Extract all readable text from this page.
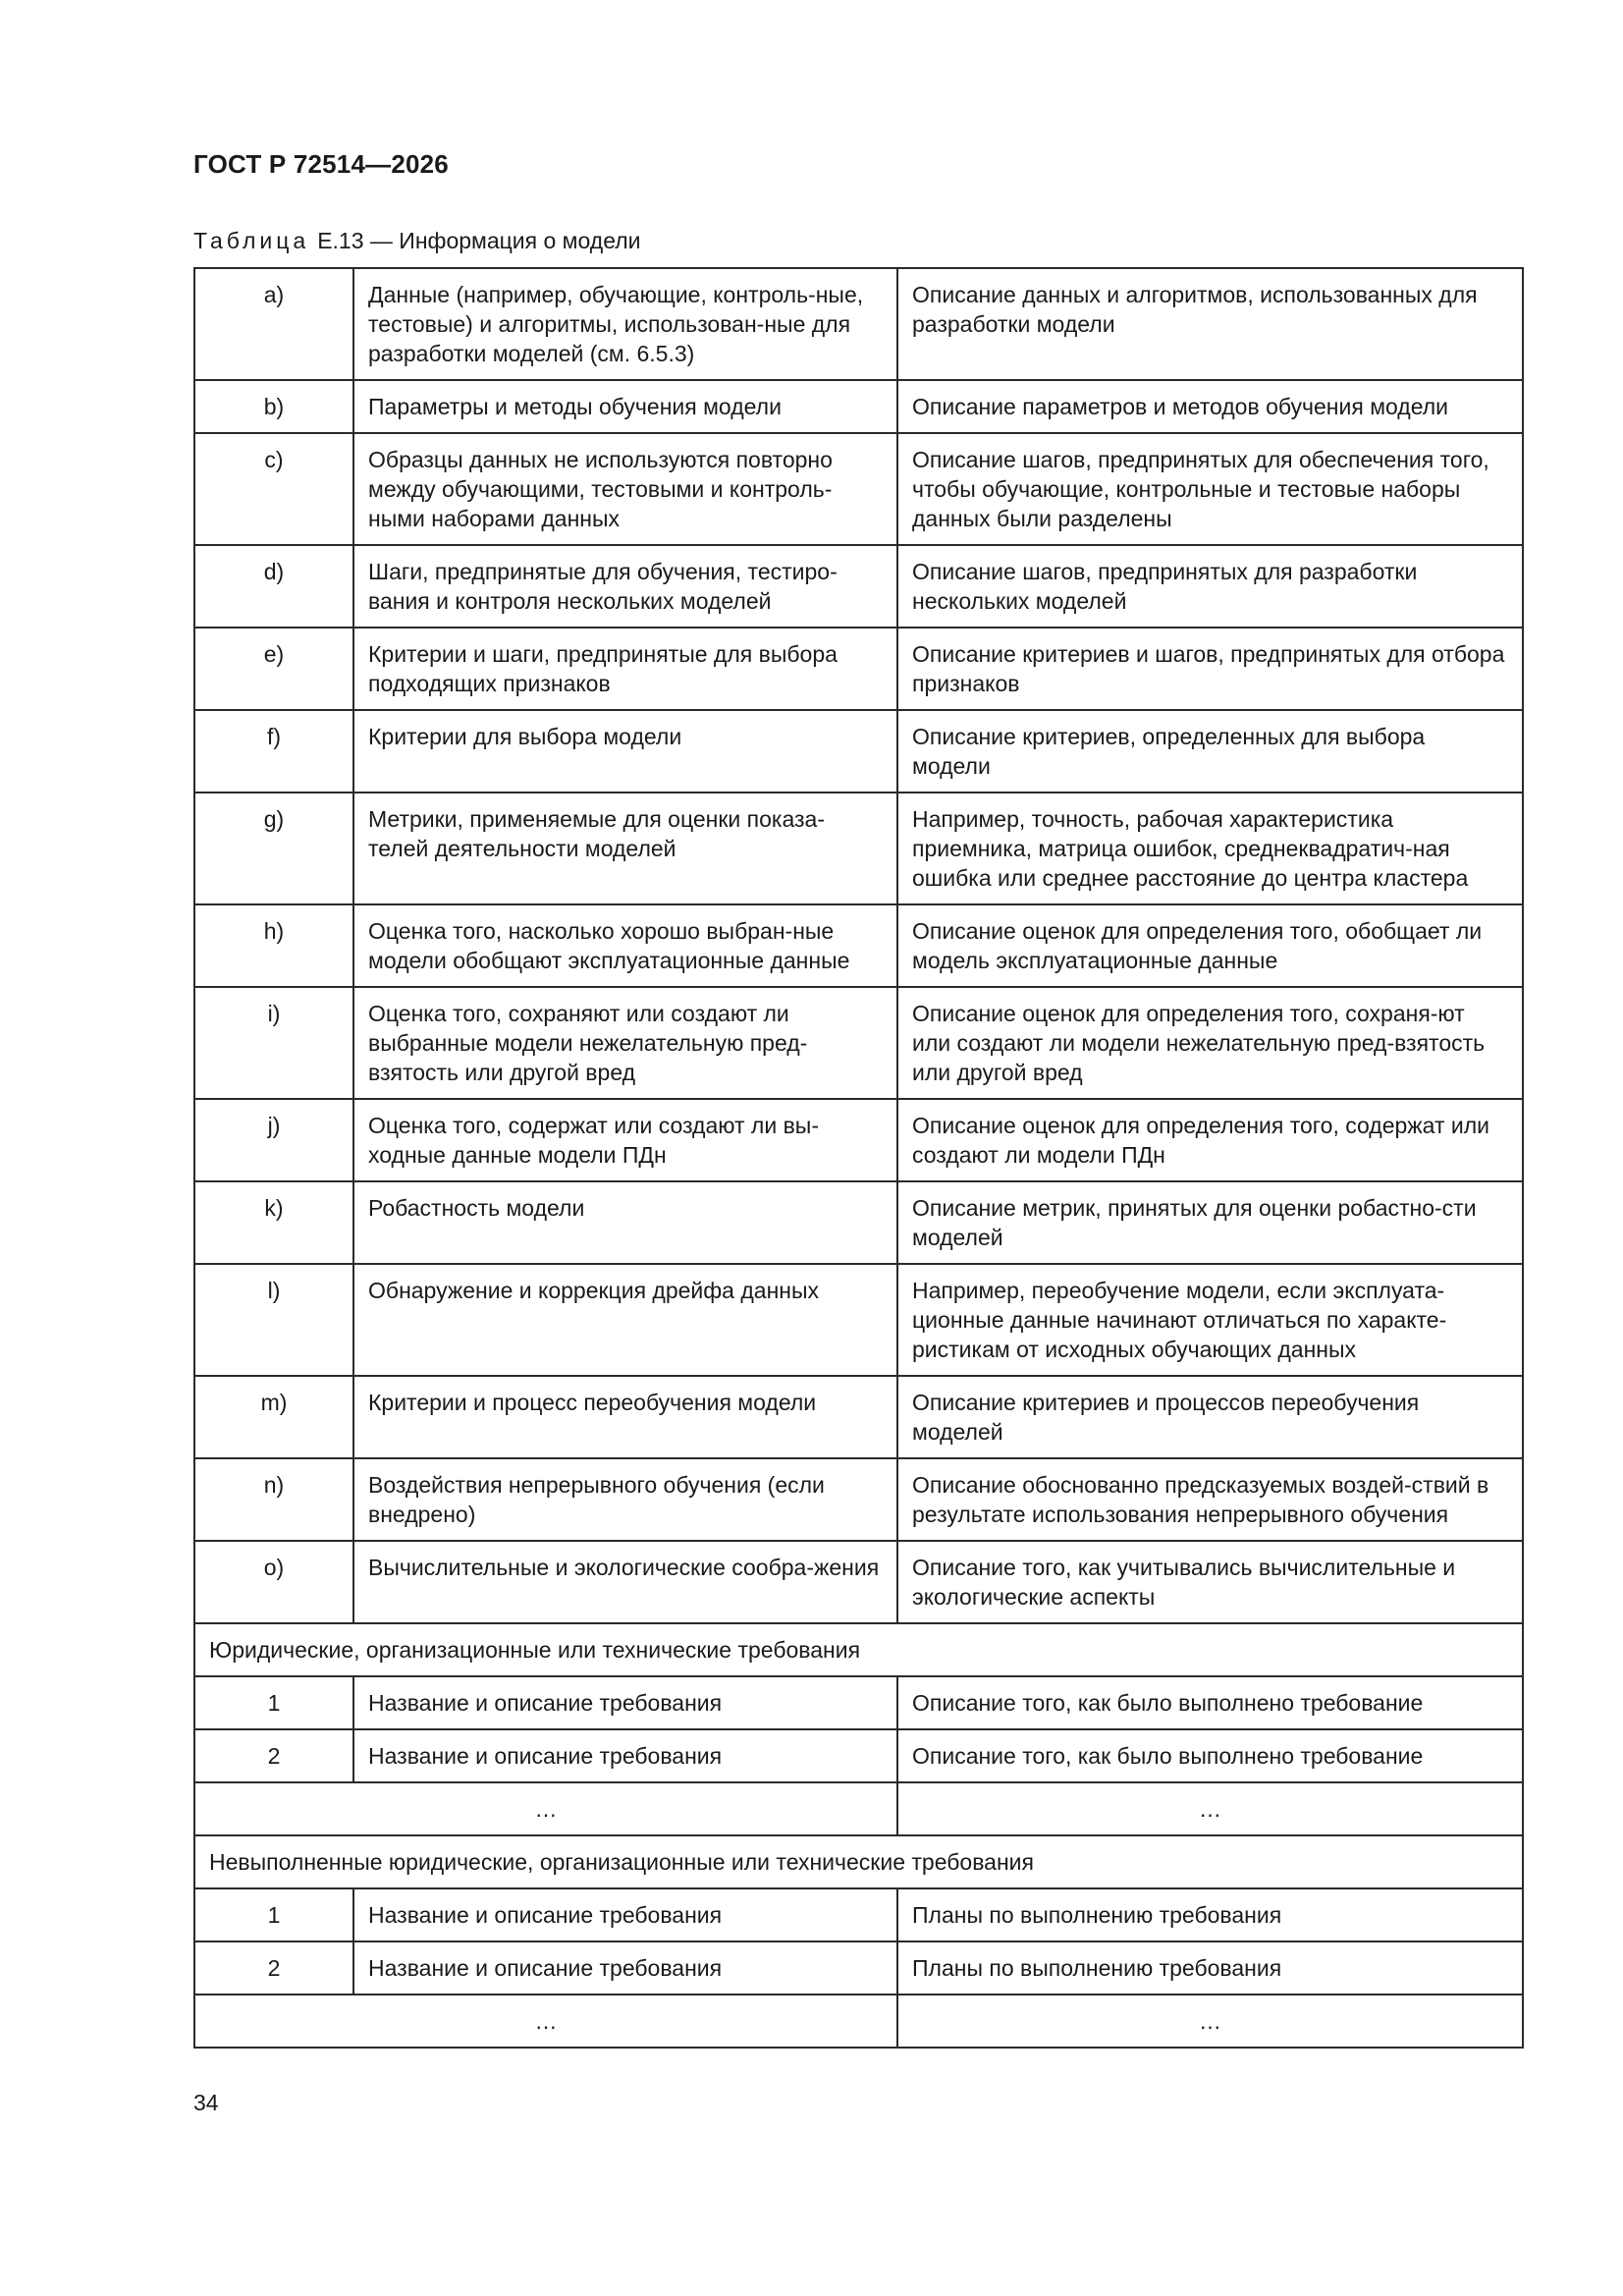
ГОСТ Р 72514—2026
Таблица Е.13 — Информация о модели
a)	Данные (например, обучающие, контроль-ные, тестовые) и алгоритмы, использован-ные для разработки моделей (см. 6.5.3)	Описание данных и алгоритмов, использованных для разработки модели
b)	Параметры и методы обучения модели	Описание параметров и методов обучения модели
c)	Образцы данных не используются повторно между обучающими, тестовыми и контроль-ными наборами данных	Описание шагов, предпринятых для обеспечения того, чтобы обучающие, контрольные и тестовые наборы данных были разделены
d)	Шаги, предпринятые для обучения, тестиро-вания и контроля нескольких моделей	Описание шагов, предпринятых для разработки нескольких моделей
e)	Критерии и шаги, предпринятые для выбора подходящих признаков	Описание критериев и шагов, предпринятых для отбора признаков
f)	Критерии для выбора модели	Описание критериев, определенных для выбора модели
g)	Метрики, применяемые для оценки показа-телей деятельности моделей	Например, точность, рабочая характеристика приемника, матрица ошибок, среднеквадратич-ная ошибка или среднее расстояние до центра кластера
h)	Оценка того, насколько хорошо выбран-ные модели обобщают эксплуатационные данные	Описание оценок для определения того, обобщает ли модель эксплуатационные данные
i)	Оценка того, сохраняют или создают ли выбранные модели нежелательную пред-взятость или другой вред	Описание оценок для определения того, сохраня-ют или создают ли модели нежелательную пред-взятость или другой вред
j)	Оценка того, содержат или создают ли вы-ходные данные модели ПДн	Описание оценок для определения того, содержат или создают ли модели ПДн
k)	Робастность модели	Описание метрик, принятых для оценки робастно-сти моделей
l)	Обнаружение и коррекция дрейфа данных	Например, переобучение модели, если эксплуата-ционные данные начинают отличаться по характе-ристикам от исходных обучающих данных
m)	Критерии и процесс переобучения модели	Описание критериев и процессов переобучения моделей
n)	Воздействия непрерывного обучения (если внедрено)	Описание обоснованно предсказуемых воздей-ствий в результате использования непрерывного обучения
o)	Вычислительные и экологические сообра-жения	Описание того, как учитывались вычислительные и экологические аспекты
Юридические, организационные или технические требования		
1	Название и описание требования	Описание того, как было выполнено требование
2	Название и описание требования	Описание того, как было выполнено требование
…		…
Невыполненные юридические, организационные или технические требования		
1	Название и описание требования	Планы по выполнению требования
2	Название и описание требования	Планы по выполнению требования
…		…
34
